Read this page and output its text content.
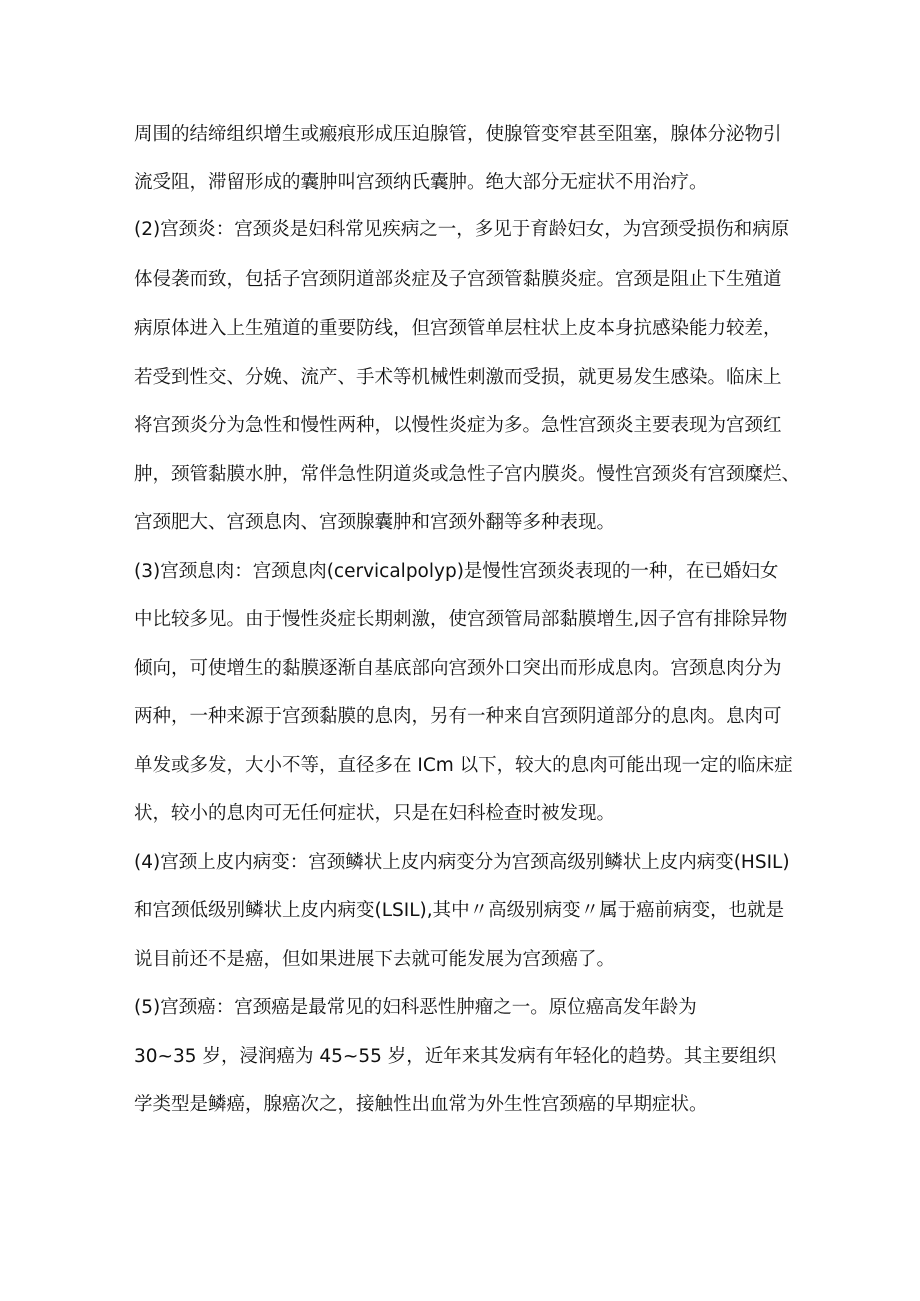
周围的结缔组织增生或瘢痕形成压迫腺管，使腺管变窄甚至阻塞，腺体分泌物引
流受阻，滞留形成的囊肿叫宫颈纳氏囊肿。绝大部分无症状不用治疗。
(2)宫颈炎：宫颈炎是妇科常见疾病之一，多见于育龄妇女，为宫颈受损伤和病原
体侵袭而致，包括子宫颈阴道部炎症及子宫颈管黏膜炎症。宫颈是阻止下生殖道
病原体进入上生殖道的重要防线，但宫颈管单层柱状上皮本身抗感染能力较差，
若受到性交、分娩、流产、手术等机械性刺激而受损，就更易发生感染。临床上
将宫颈炎分为急性和慢性两种，以慢性炎症为多。急性宫颈炎主要表现为宫颈红
肿，颈管黏膜水肿，常伴急性阴道炎或急性子宫内膜炎。慢性宫颈炎有宫颈糜烂、
宫颈肥大、宫颈息肉、宫颈腺囊肿和宫颈外翻等多种表现。
(3)宫颈息肉：宫颈息肉(cervicalpolyp)是慢性宫颈炎表现的一种，在已婚妇女
中比较多见。由于慢性炎症长期刺激，使宫颈管局部黏膜增生,因子宫有排除异物
倾向，可使增生的黏膜逐渐自基底部向宫颈外口突出而形成息肉。宫颈息肉分为
两种，一种来源于宫颈黏膜的息肉，另有一种来自宫颈阴道部分的息肉。息肉可
单发或多发，大小不等，直径多在 ICm 以下，较大的息肉可能出现一定的临床症
状，较小的息肉可无任何症状，只是在妇科检查时被发现。
(4)宫颈上皮内病变：宫颈鳞状上皮内病变分为宫颈高级别鳞状上皮内病变(HSIL)
和宫颈低级别鳞状上皮内病变(LSIL),其中〃高级别病变〃属于癌前病变，也就是
说目前还不是癌，但如果进展下去就可能发展为宫颈癌了。
(5)宫颈癌：宫颈癌是最常见的妇科恶性肿瘤之一。原位癌高发年龄为
30~35 岁，浸润癌为 45~55 岁，近年来其发病有年轻化的趋势。其主要组织
学类型是鳞癌，腺癌次之，接触性出血常为外生性宫颈癌的早期症状。
